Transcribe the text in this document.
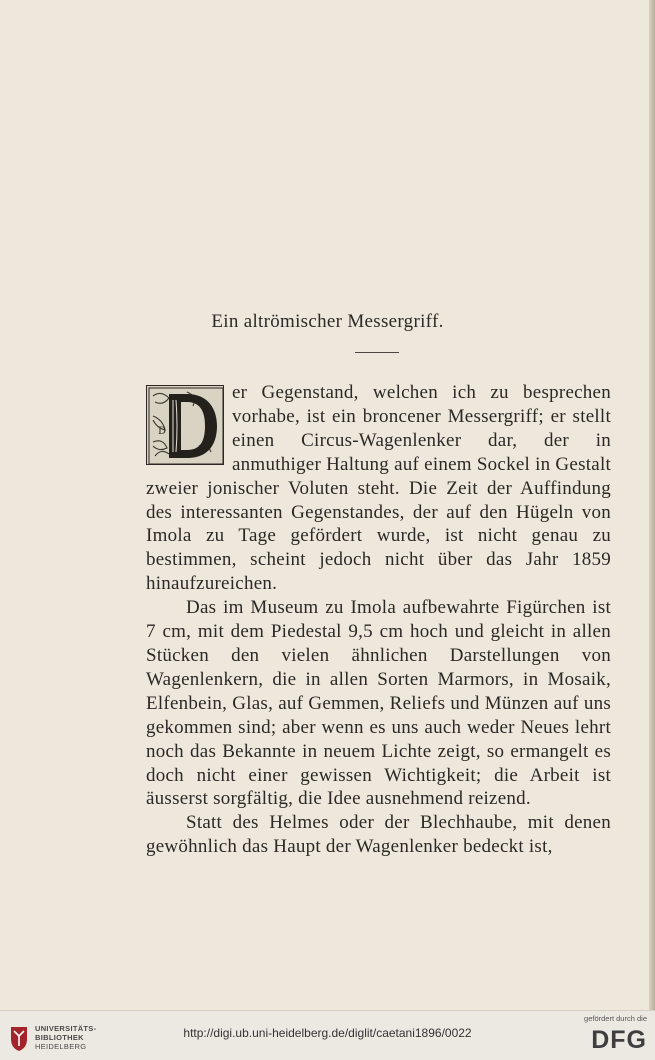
Ein altrömischer Messergriff.

D
er Gegenstand, welchen ich zu besprechen vorhabe, ist ein broncener Messergriff; er stellt einen Circus-Wagenlenker dar, der in anmuthiger Haltung auf einem Sockel in Gestalt zweier jonischer Voluten steht. Die Zeit der Auffindung des interessanten Gegenstandes, der auf den Hügeln von Imola zu Tage gefördert wurde, ist nicht genau zu bestimmen, scheint jedoch nicht über das Jahr 1859 hinaufzureichen.

Das im Museum zu Imola aufbewahrte Figürchen ist 7 cm, mit dem Piedestal 9,5 cm hoch und gleicht in allen Stücken den vielen ähnlichen Darstellungen von Wagenlenkern, die in allen Sorten Marmors, in Mosaik, Elfenbein, Glas, auf Gemmen, Reliefs und Münzen auf uns gekommen sind; aber wenn es uns auch weder Neues lehrt noch das Bekannte in neuem Lichte zeigt, so ermangelt es doch nicht einer gewissen Wichtigkeit; die Arbeit ist äusserst sorgfältig, die Idee ausnehmend reizend.

Statt des Helmes oder der Blechhaube, mit denen gewöhnlich das Haupt der Wagenlenker bedeckt ist,

UNIVERSITÄTS-
BIBLIOTHEK
HEIDELBERG
http://digi.ub.uni-heidelberg.de/diglit/caetani1896/0022
gefördert durch die
DFG
